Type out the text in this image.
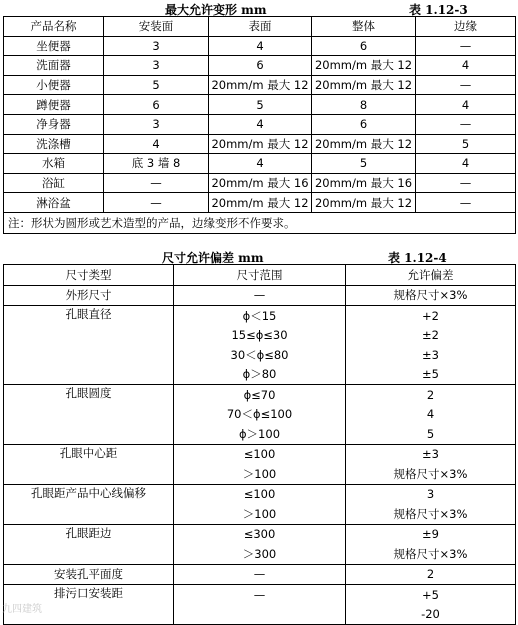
最大允许变形 mm	表 1.12-3
产品名称	安装面	表面	整体	边缘
坐便器	3	4	6	—
洗面器	3	6	20mm/m 最大 12	4
小便器	5	20mm/m 最大 12	20mm/m 最大 12	—
蹲便器	6	5	8	4
净身器	3	4	6	—
洗涤槽	4	20mm/m 最大 12	20mm/m 最大 12	5
水箱	底 3 墙 8	4	5	4
浴缸	—	20mm/m 最大 16	20mm/m 最大 16	—
淋浴盆	—	20mm/m 最大 12	20mm/m 最大 12	—
注：形状为圆形或艺术造型的产品，边缘变形不作要求。				
尺寸允许偏差 mm	表 1.12-4
尺寸类型	尺寸范围	允许偏差
外形尺寸	—	规格尺寸×3%
孔眼直径	ϕ＜15	+2
	15≤ϕ≤30	±2
	30＜ϕ≤80	±3
	ϕ＞80	±5
孔眼圆度	ϕ≤70	2
	70＜ϕ≤100	4
	ϕ＞100	5
孔眼中心距	≤100	±3
	＞100	规格尺寸×3%
孔眼距产品中心线偏移	≤100	3
	＞100	规格尺寸×3%
孔眼距边	≤300	±9
	＞300	规格尺寸×3%
安装孔平面度	—	2
排污口安装距	—	+5
		-20
九四建筑
